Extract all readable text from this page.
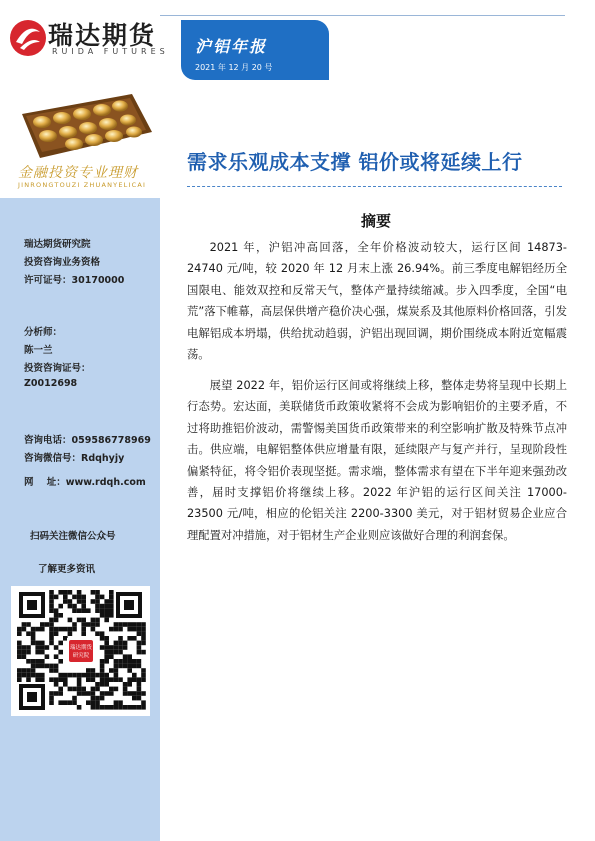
瑞达期货
RUIDA FUTURES
金融投资专业理财
JINRONGTOUZI ZHUANYELICAI
瑞达期货研究院
投资咨询业务资格
许可证号：30170000
分析师：
陈一兰
投资咨询证号：
Z0012698
咨询电话：059586778969
咨询微信号：Rdqhyjy
网    址：www.rdqh.com
扫码关注微信公众号
了解更多资讯
瑞达期货
研究院
沪铝年报
2021 年 12 月 20 号
需求乐观成本支撑 铝价或将延续上行
摘要

2021 年，沪铝冲高回落，全年价格波动较大，运行区间 14873-24740 元/吨，较 2020 年 12 月末上涨 26.94%。前三季度电解铝经历全国限电、能效双控和反常天气，整体产量持续缩减。步入四季度，全国“电荒”落下帷幕，高层保供增产稳价决心强，煤炭系及其他原料价格回落，引发电解铝成本坍塌，供给扰动趋弱，沪铝出现回调，期价围绕成本附近宽幅震荡。

展望 2022 年，铝价运行区间或将继续上移，整体走势将呈现中长期上行态势。宏达面，美联储货币政策收紧将不会成为影响铝价的主要矛盾，不过将助推铝价波动，需警惕美国货币政策带来的利空影响扩散及特殊节点冲击。供应端，电解铝整体供应增量有限，延续限产与复产并行，呈现阶段性偏紧特征，将令铝价表现坚挺。需求端，整体需求有望在下半年迎来强劲改善，届时支撑铝价将继续上移。2022 年沪铝的运行区间关注 17000-23500 元/吨，相应的伦铝关注 2200-3300 美元，对于铝材贸易企业应合理配置对冲措施，对于铝材生产企业则应该做好合理的利润套保。
